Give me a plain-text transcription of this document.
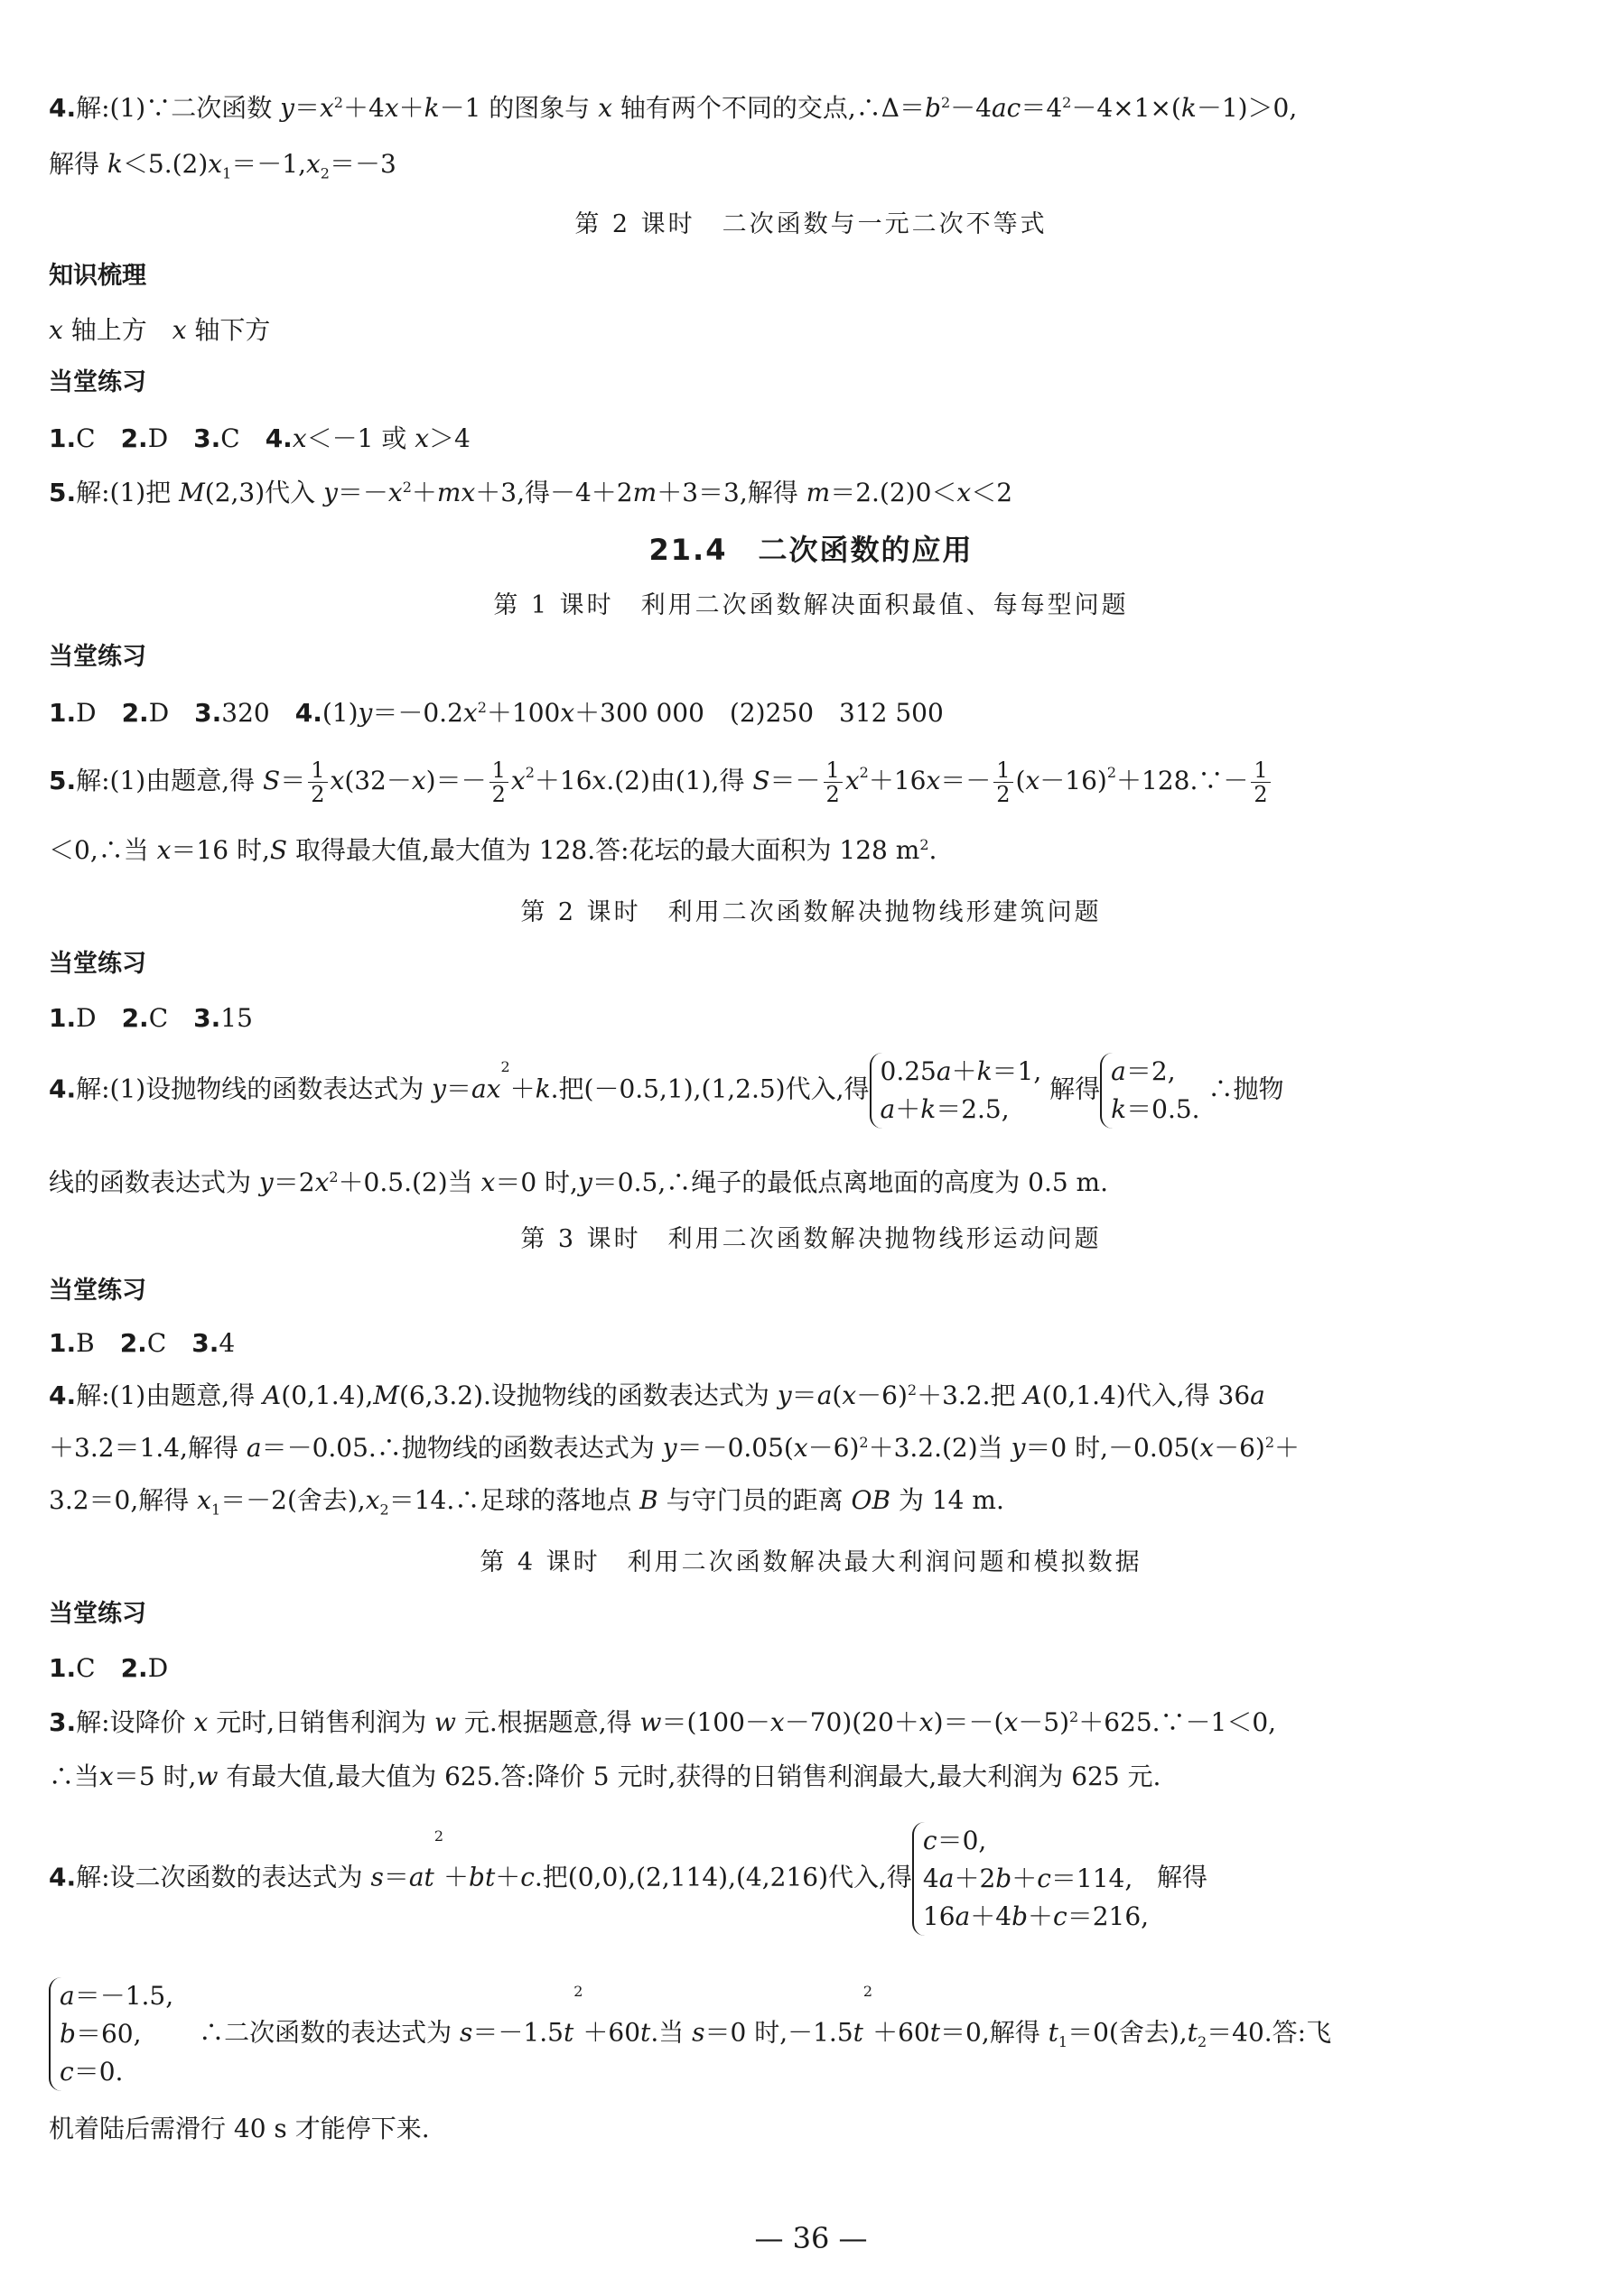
4.解:(1)∵二次函数 $y=x^2+4x+k-1$ 的图象与 x 轴有两个不同的交点$,\therefore\Delta=b^2-4ac=4^2-4\times 1\times(k-1)>0$,
解得 $k<5.(2)x_1=-1,x_2=-3$
第 2 课时　二次函数与一元二次不等式
知识梳理
x 轴上方　x 轴下方
当堂练习
1.C　2.D　3.C　4.x＜－1 或 x＞4
5.解:(1)把 M(2,3)代入 $y=-x^2+mx+3$,得－4＋2m＋3＝3,解得 m＝2.(2)0＜x＜2
21.4　二次函数的应用
第 1 课时　利用二次函数解决面积最值、每每型问题
当堂练习
1.D　2.D　3.320　$4.(1)y=-0.2x^2+100x+300$ 000　(2)250　312 500
5.解:(1)由题意,得 $S= \frac{1}{2} x(32-x)=- \frac{1}{2} x^2+16x.(2)$由(1),得 $S=- \frac{1}{2} x^2+16x=- \frac{1}{2}$ $(x-16)^2+128.\because- \frac{1}{2}$
＜0,∴当 x＝16 时,S 取得最大值,最大值为 128.答:花坛的最大面积为 128 $m^2$.
第 2 课时　利用二次函数解决抛物线形建筑问题
当堂练习
1.D　2.C　3.15
4.解:(1)设抛物线的函数表达式为 $y=ax^2+k$.把(－0.5,1),(1,2.5)代入,得
0.25a＋k＝1,
a＋k＝2.5,
解得
a＝2,
k＝0.5.
∴抛物
线的函数表达式为 $y=2x^2+0.5.(2)$当 x＝0 时,y＝0.5,∴绳子的最低点离地面的高度为 0.5 m.
第 3 课时　利用二次函数解决抛物线形运动问题
当堂练习
1.B　2.C　3.4
4.解:(1)由题意,得 A(0,1.4),M(6,3.2).设抛物线的函数表达式为 $y=a(x-6)^2+3.2$.把 A(0,1.4)代入,得 36a
＋3.2＝1.4,解得 a＝－0.05.∴抛物线的函数表达式为 $y=-0.05(x-6)^2+3.2.(2)$当 y＝0 时$,-0.05(x-6)^2+$
3.2＝0,解得 $x_1=-2$(舍去)$,x_2=14.\therefore$足球的落地点 B 与守门员的距离 OB 为 14 m.
第 4 课时　利用二次函数解决最大利润问题和模拟数据
当堂练习
1.C　2.D
3.解:设降价 x 元时,日销售利润为 w 元.根据题意,得 $w=(100-x-70)(20+x)=-(x-5)^2+625.\because-1<0$,
∴当x＝5 时,w 有最大值,最大值为 625.答:降价 5 元时,获得的日销售利润最大,最大利润为 625 元.
4.解:设二次函数的表达式为 $s=at^2+bt+c$.把(0,0),(2,114),(4,216)代入,得
c＝0,
4a＋2b＋c＝114,
16a＋4b＋c＝216,
解得
a＝－1.5,
b＝60,
c＝0.
　∴二次函数的表达式为 $s=-1.5t^2+60t$.当 s＝0 时$,-1.5t^2+60t=0$,解得 $t_1=0$(舍去)$,t_2=40$.答:飞
机着陆后需滑行 40 s 才能停下来.
— 36 —
